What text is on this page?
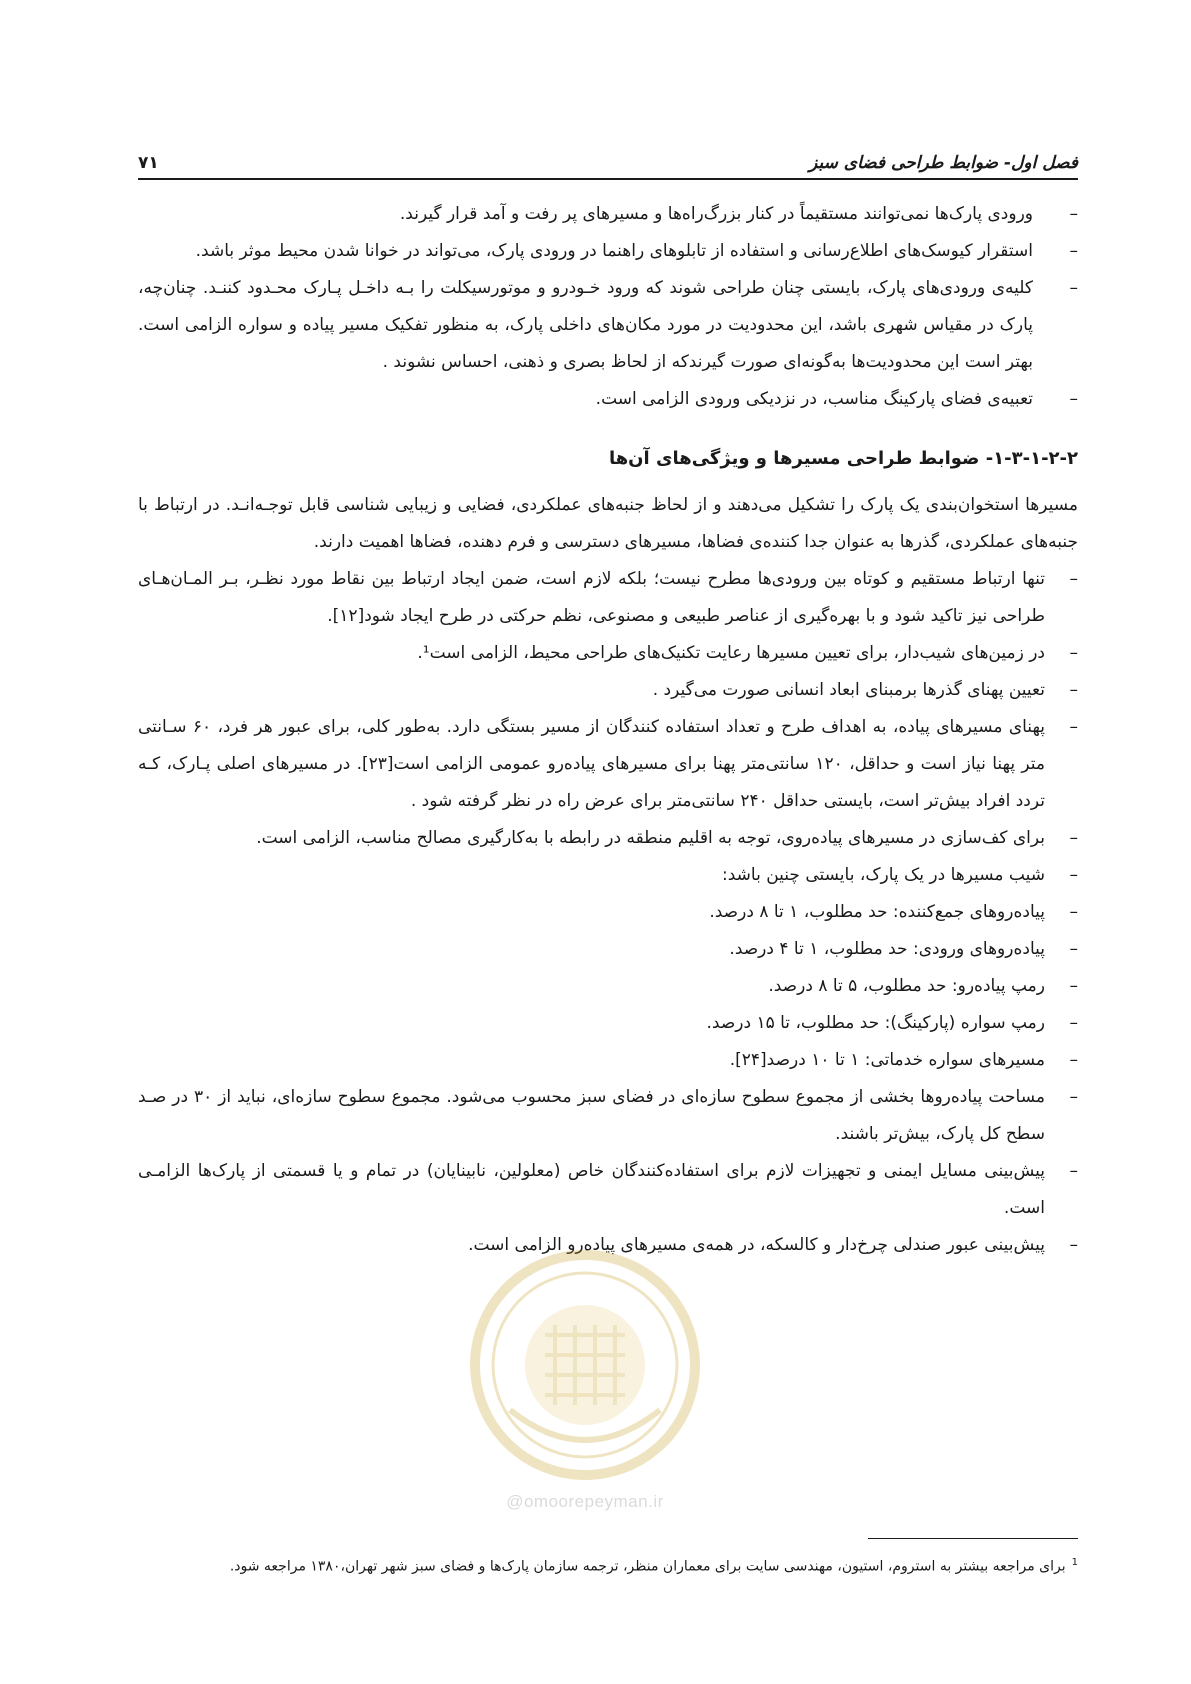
فصل اول- ضوابط طراحی فضای سبز
۷۱
–
ورودی پارک‌ها نمی‌توانند مستقیماً در کنار بزرگ‌راه‌ها و مسیرهای پر رفت و آمد قرار گیرند.
–
استقرار کیوسک‌های اطلاع‌رسانی و استفاده از تابلوهای راهنما در ورودی پارک، می‌تواند در خوانا شدن محیط موثر باشد.
–
کلیه‌ی ورودی‌های پارک، بایستی چنان طراحی شوند که ورود خـودرو و موتورسیکلت را بـه داخـل پـارک محـدود کننـد. چنان‌چه، پارک در مقیاس شهری باشد، این محدودیت در مورد مکان‌های داخلی پارک، به منظور تفکیک مسیر پیاده و سواره الزامی است. بهتر است این محدودیت‌ها به‌گونه‌ای صورت گیرندکه از لحاظ بصری و ذهنی، احساس نشوند .
–
تعبیه‌ی فضای پارکینگ مناسب، در نزدیکی ورودی الزامی است.
۱-۳-۱-۲-۲- ضوابط طراحی مسیرها و ویژگی‌های آن‌ها

مسیرها استخوان‌بندی یک پارک را تشکیل می‌دهند و از لحاظ جنبه‌های عملکردی، فضایی و زیبایی شناسی قابل توجـه‌انـد. در ارتباط با جنبه‌های عملکردی، گذرها به عنوان جدا کننده‌ی فضاها، مسیرهای دسترسی و فرم دهنده، فضاها اهمیت دارند.

–
تنها ارتباط مستقیم و کوتاه بین ورودی‌ها مطرح نیست؛ بلکه لازم است، ضمن ایجاد ارتباط بین نقاط مورد نظـر، بـر المـان‌هـای طراحی نیز تاکید شود و با بهره‌گیری از عناصر طبیعی و مصنوعی، نظم حرکتی در طرح ایجاد شود[۱۲].
–
در زمین‌های شیب‌دار، برای تعیین مسیرها رعایت تکنیک‌های طراحی محیط، الزامی است¹.
–
تعیین پهنای گذرها برمبنای ابعاد انسانی صورت می‌گیرد .
–
پهنای مسیرهای پیاده، به اهداف طرح و تعداد استفاده کنندگان از مسیر بستگی دارد. به‌طور کلی، برای عبور هر فرد، ۶۰ سـانتی متر پهنا نیاز است و حداقل، ۱۲۰ سانتی‌متر پهنا برای مسیرهای پیاده‌رو عمومی الزامی است[۲۳]. در مسیرهای اصلی پـارک، کـه تردد افراد بیش‌تر است، بایستی حداقل ۲۴۰ سانتی‌متر برای عرض راه در نظر گرفته شود .
–
برای کف‌سازی در مسیرهای پیاده‌روی، توجه به اقلیم منطقه در رابطه با به‌کارگیری مصالح مناسب، الزامی است.
–
شیب مسیرها در یک پارک، بایستی چنین باشد:
–
پیاده‌روهای جمع‌کننده: حد مطلوب، ۱ تا ۸ درصد.
–
پیاده‌روهای ورودی: حد مطلوب، ۱ تا ۴ درصد.
–
رمپ پیاده‌رو: حد مطلوب، ۵ تا ۸ درصد.
–
رمپ سواره (پارکینگ): حد مطلوب، تا ۱۵ درصد.
–
مسیرهای سواره خدماتی: ۱ تا ۱۰ درصد[۲۴].
–
مساحت پیاده‌روها بخشی از مجموع سطوح سازه‌ای در فضای سبز محسوب می‌شود. مجموع سطوح سازه‌ای، نباید از ۳۰ در صـد سطح کل پارک، بیش‌تر باشند.
–
پیش‌بینی مسایل ایمنی و تجهیزات لازم برای استفاده‌کنندگان خاص (معلولین، نابینایان) در تمام و یا قسمتی از پارک‌ها الزامـی است.
–
پیش‌بینی عبور صندلی چرخ‌دار و کالسکه، در همه‌ی مسیرهای پیاده‌رو الزامی است.
@omoorepeyman.ir
$^1$برای مراجعه بیشتر به استروم، استیون، مهندسی سایت برای معماران منظر، ترجمه سازمان پارک‌ها و فضای سبز شهر تهران،۱۳۸۰ مراجعه شود.
